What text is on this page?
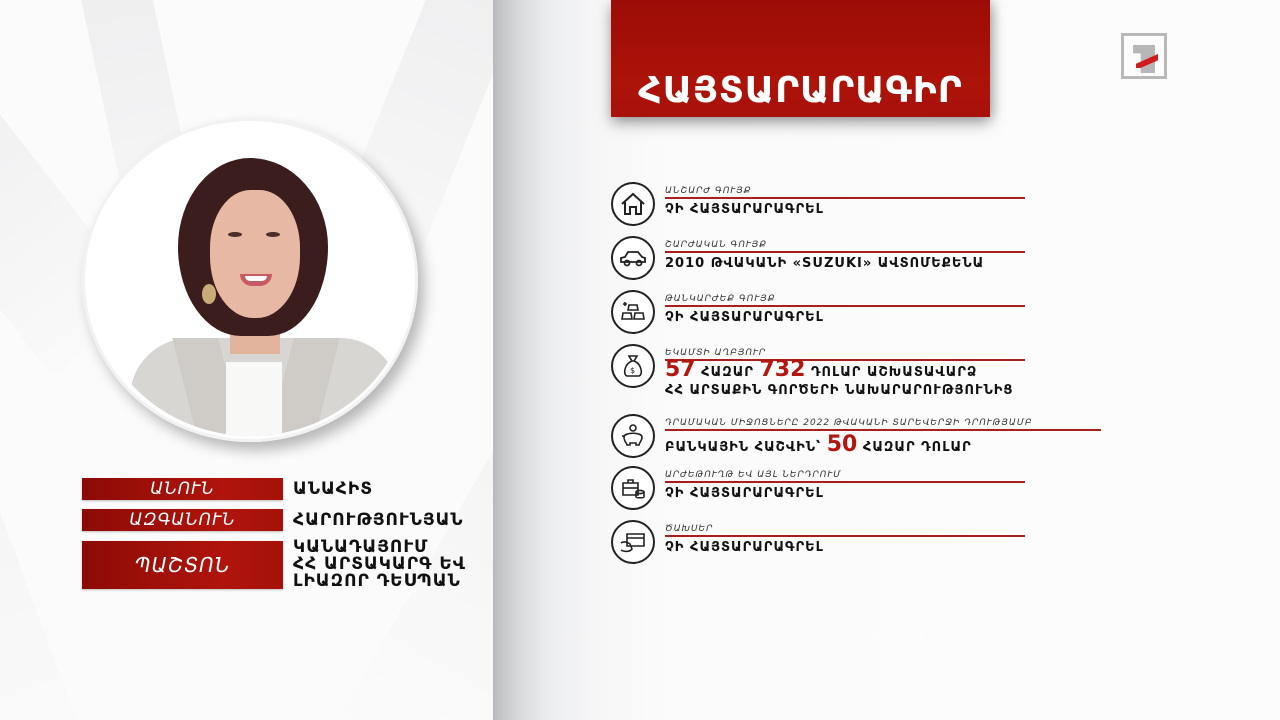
ՀԱՅՏԱՐԱՐԱԳԻՐ
ԱՆՈՒՆ	ԱՆԱՀԻՏ
ԱԶԳԱՆՈՒՆ	ՀԱՐՈՒԹՅՈՒՆՅԱՆ
ՊԱՇՏՈՆ
ԿԱՆԱԴԱՅՈՒՄ
ՀՀ ԱՐՏԱԿԱՐԳ ԵՎ
ԼԻԱԶՈՐ ԴԵՍՊԱՆ
ԱՆՇԱՐԺ ԳՈՒՅՔ
ՉԻ ՀԱՅՏԱՐԱՐԱԳՐԵԼ
ՇԱՐԺԱԿԱՆ ԳՈՒՅՔ
2010 ԹՎԱԿԱՆԻ «SUZUKI» ԱՎՏՈՄԵՔԵՆԱ
ԹԱՆԿԱՐԺԵՔ ԳՈՒՅՔ
ՉԻ ՀԱՅՏԱՐԱՐԱԳՐԵԼ
$
ԵԿԱՄՏԻ ԱՂԲՅՈՒՐ
57 ՀԱԶԱՐ 732 ԴՈԼԱՐ ԱՇԽԱՏԱՎԱՐՁ
ՀՀ ԱՐՏԱՔԻՆ ԳՈՐԾԵՐԻ ՆԱԽԱՐԱՐՈՒԹՅՈՒՆԻՑ
ԴՐԱՄԱԿԱՆ ՄԻՋՈՑՆԵՐԸ 2022 ԹՎԱԿԱՆԻ ՏԱՐԵՎԵՐՋԻ ԴՐՈՒԹՅԱՄԲ
ԲԱՆԿԱՅԻՆ ՀԱՇՎԻՆ՝ 50 ՀԱԶԱՐ ԴՈԼԱՐ
ԱՐԺԵԹՈՒՂԹ ԵՎ ԱՅԼ ՆԵՐԴՐՈՒՄ
ՉԻ ՀԱՅՏԱՐԱՐԱԳՐԵԼ
ԾԱԽՍԵՐ
ՉԻ ՀԱՅՏԱՐԱՐԱԳՐԵԼ
